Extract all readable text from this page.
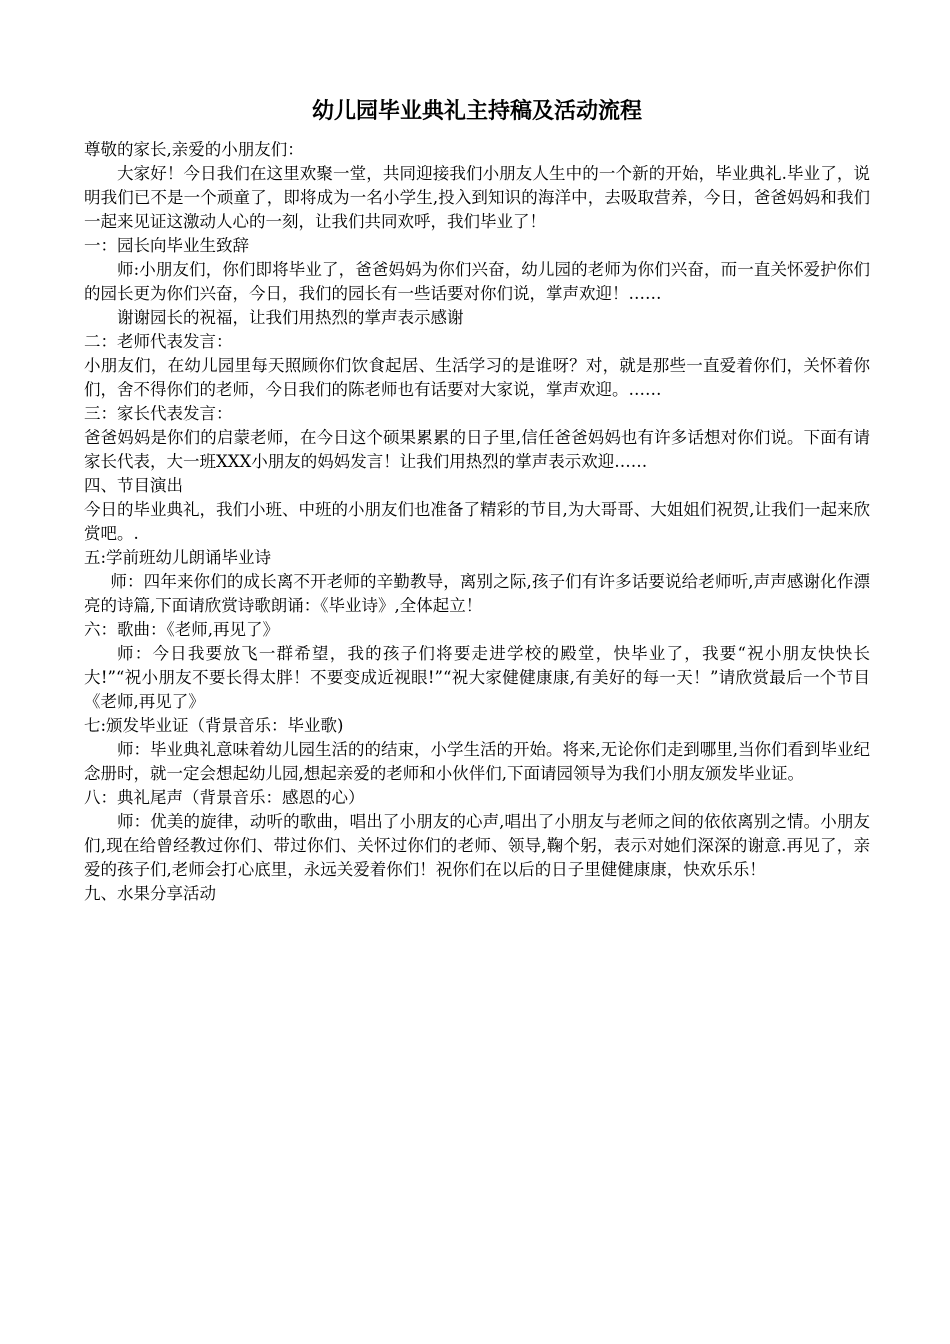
幼儿园毕业典礼主持稿及活动流程

尊敬的家长,亲爱的小朋友们：

大家好！今日我们在这里欢聚一堂，共同迎接我们小朋友人生中的一个新的开始，毕业典礼.毕业了，说明我们已不是一个顽童了，即将成为一名小学生,投入到知识的海洋中，去吸取营养，今日，爸爸妈妈和我们一起来见证这激动人心的一刻，让我们共同欢呼，我们毕业了！

一：园长向毕业生致辞

师:小朋友们，你们即将毕业了，爸爸妈妈为你们兴奋，幼儿园的老师为你们兴奋，而一直关怀爱护你们的园长更为你们兴奋，今日，我们的园长有一些话要对你们说，掌声欢迎！……

谢谢园长的祝福，让我们用热烈的掌声表示感谢

二：老师代表发言：

小朋友们，在幼儿园里每天照顾你们饮食起居、生活学习的是谁呀？对，就是那些一直爱着你们，关怀着你们，舍不得你们的老师，今日我们的陈老师也有话要对大家说，掌声欢迎。……

三：家长代表发言：

爸爸妈妈是你们的启蒙老师，在今日这个硕果累累的日子里,信任爸爸妈妈也有许多话想对你们说。下面有请家长代表，大一班XXX小朋友的妈妈发言！让我们用热烈的掌声表示欢迎……

四、节目演出

今日的毕业典礼，我们小班、中班的小朋友们也准备了精彩的节目,为大哥哥、大姐姐们祝贺,让我们一起来欣赏吧。.

五:学前班幼儿朗诵毕业诗

师：四年来你们的成长离不开老师的辛勤教导，离别之际,孩子们有许多话要说给老师听,声声感谢化作漂亮的诗篇,下面请欣赏诗歌朗诵：《毕业诗》,全体起立！

六：歌曲：《老师,再见了》

师：今日我要放飞一群希望，我的孩子们将要走进学校的殿堂，快毕业了，我要“祝小朋友快快长大!”“祝小朋友不要长得太胖！不要变成近视眼!”“祝大家健健康康,有美好的每一天！”请欣赏最后一个节目《老师,再见了》

七:颁发毕业证（背景音乐：毕业歌)

师：毕业典礼意味着幼儿园生活的的结束，小学生活的开始。将来,无论你们走到哪里,当你们看到毕业纪念册时，就一定会想起幼儿园,想起亲爱的老师和小伙伴们,下面请园领导为我们小朋友颁发毕业证。

八：典礼尾声（背景音乐：感恩的心）

师：优美的旋律，动听的歌曲，唱出了小朋友的心声,唱出了小朋友与老师之间的依依离别之情。小朋友们,现在给曾经教过你们、带过你们、关怀过你们的老师、领导,鞠个躬，表示对她们深深的谢意.再见了，亲爱的孩子们,老师会打心底里，永远关爱着你们！祝你们在以后的日子里健健康康，快欢乐乐！

九、水果分享活动
